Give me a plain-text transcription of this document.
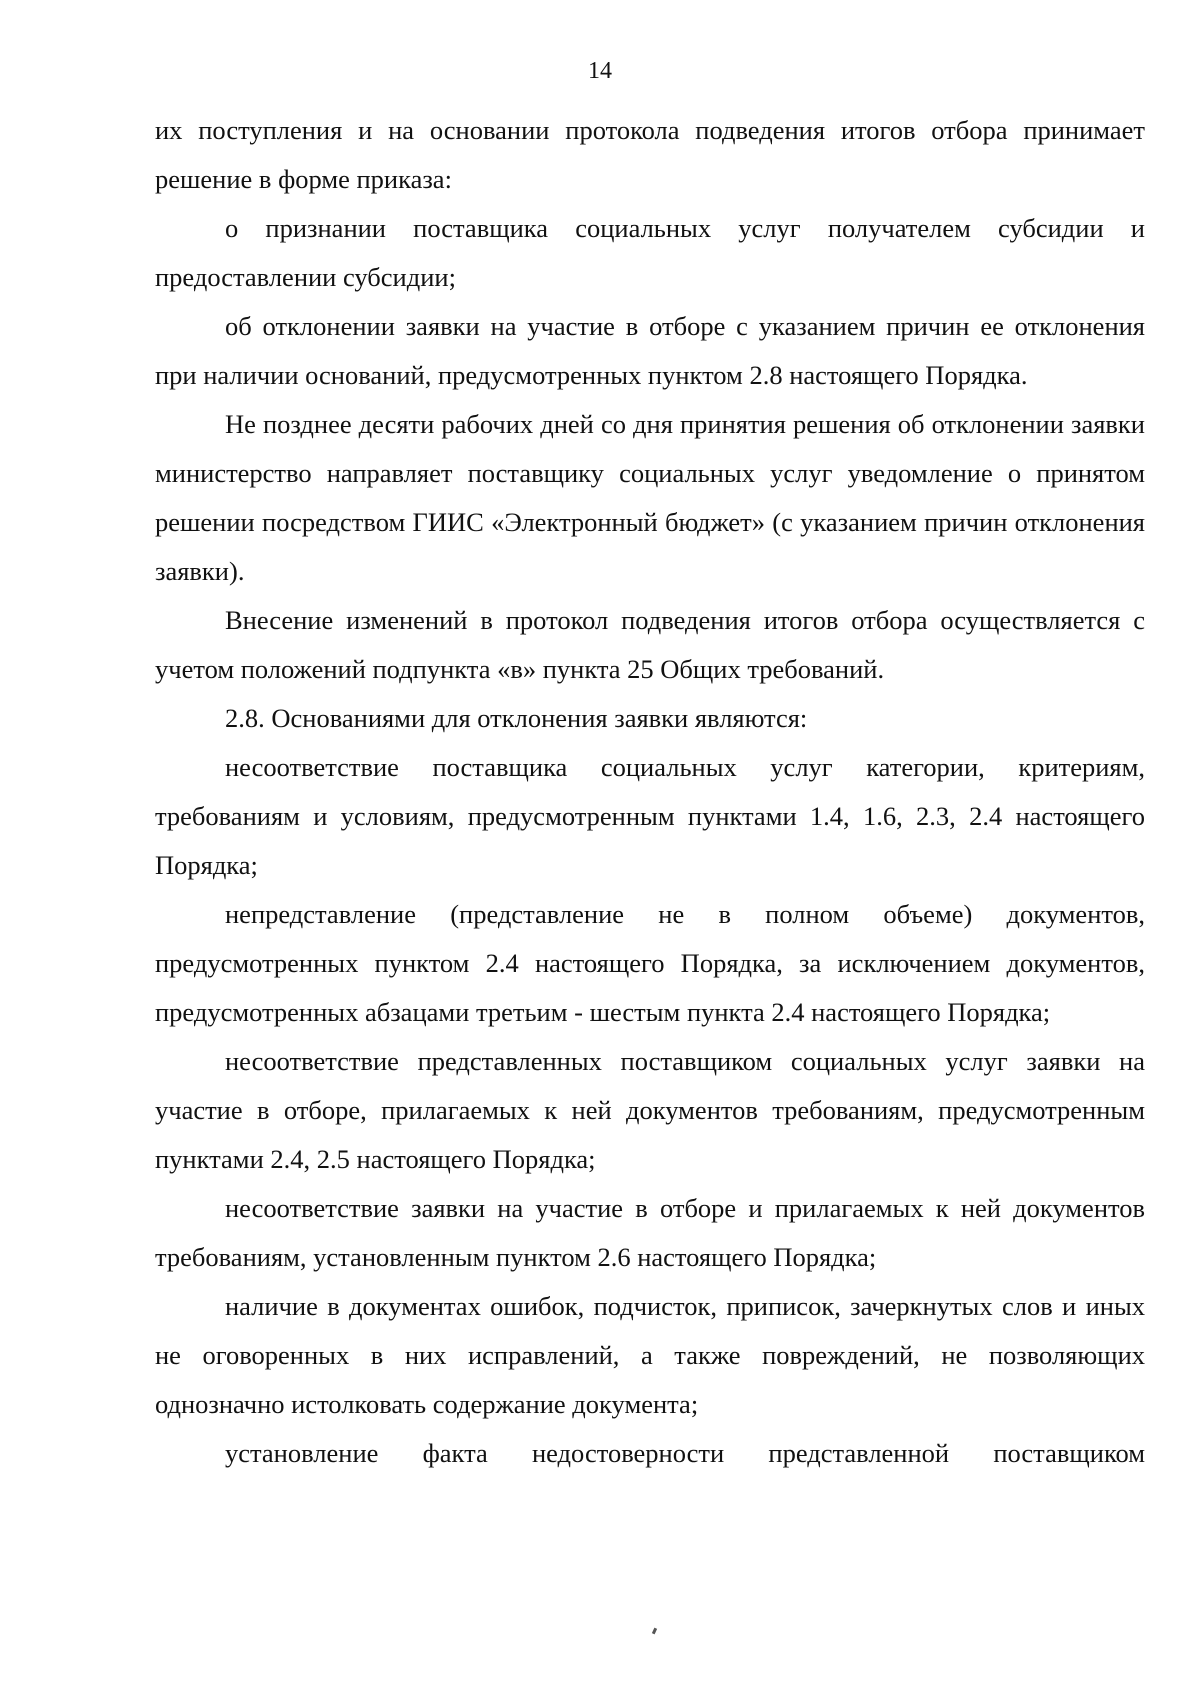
14

их поступления и на основании протокола подведения итогов отбора принимает решение в форме приказа:

о признании поставщика социальных услуг получателем субсидии и предоставлении субсидии;

об отклонении заявки на участие в отборе с указанием причин ее отклонения при наличии оснований, предусмотренных пунктом 2.8 настоящего Порядка.

Не позднее десяти рабочих дней со дня принятия решения об отклонении заявки министерство направляет поставщику социальных услуг уведомление о принятом решении посредством ГИИС «Электронный бюджет» (с указанием причин отклонения заявки).

Внесение изменений в протокол подведения итогов отбора осуществляется с учетом положений подпункта «в» пункта 25 Общих требований.

2.8. Основаниями для отклонения заявки являются:

несоответствие поставщика социальных услуг категории, критериям, требованиям и условиям, предусмотренным пунктами 1.4, 1.6, 2.3, 2.4 настоящего Порядка;

непредставление (представление не в полном объеме) документов, предусмотренных пунктом 2.4 настоящего Порядка, за исключением документов, предусмотренных абзацами третьим - шестым пункта 2.4 настоящего Порядка;

несоответствие представленных поставщиком социальных услуг заявки на участие в отборе, прилагаемых к ней документов требованиям, предусмотренным пунктами 2.4, 2.5 настоящего Порядка;

несоответствие заявки на участие в отборе и прилагаемых к ней документов требованиям, установленным пунктом 2.6 настоящего Порядка;

наличие в документах ошибок, подчисток, приписок, зачеркнутых слов и иных не оговоренных в них исправлений, а также повреждений, не позволяющих однозначно истолковать содержание документа;

установление факта недостоверности представленной поставщиком
